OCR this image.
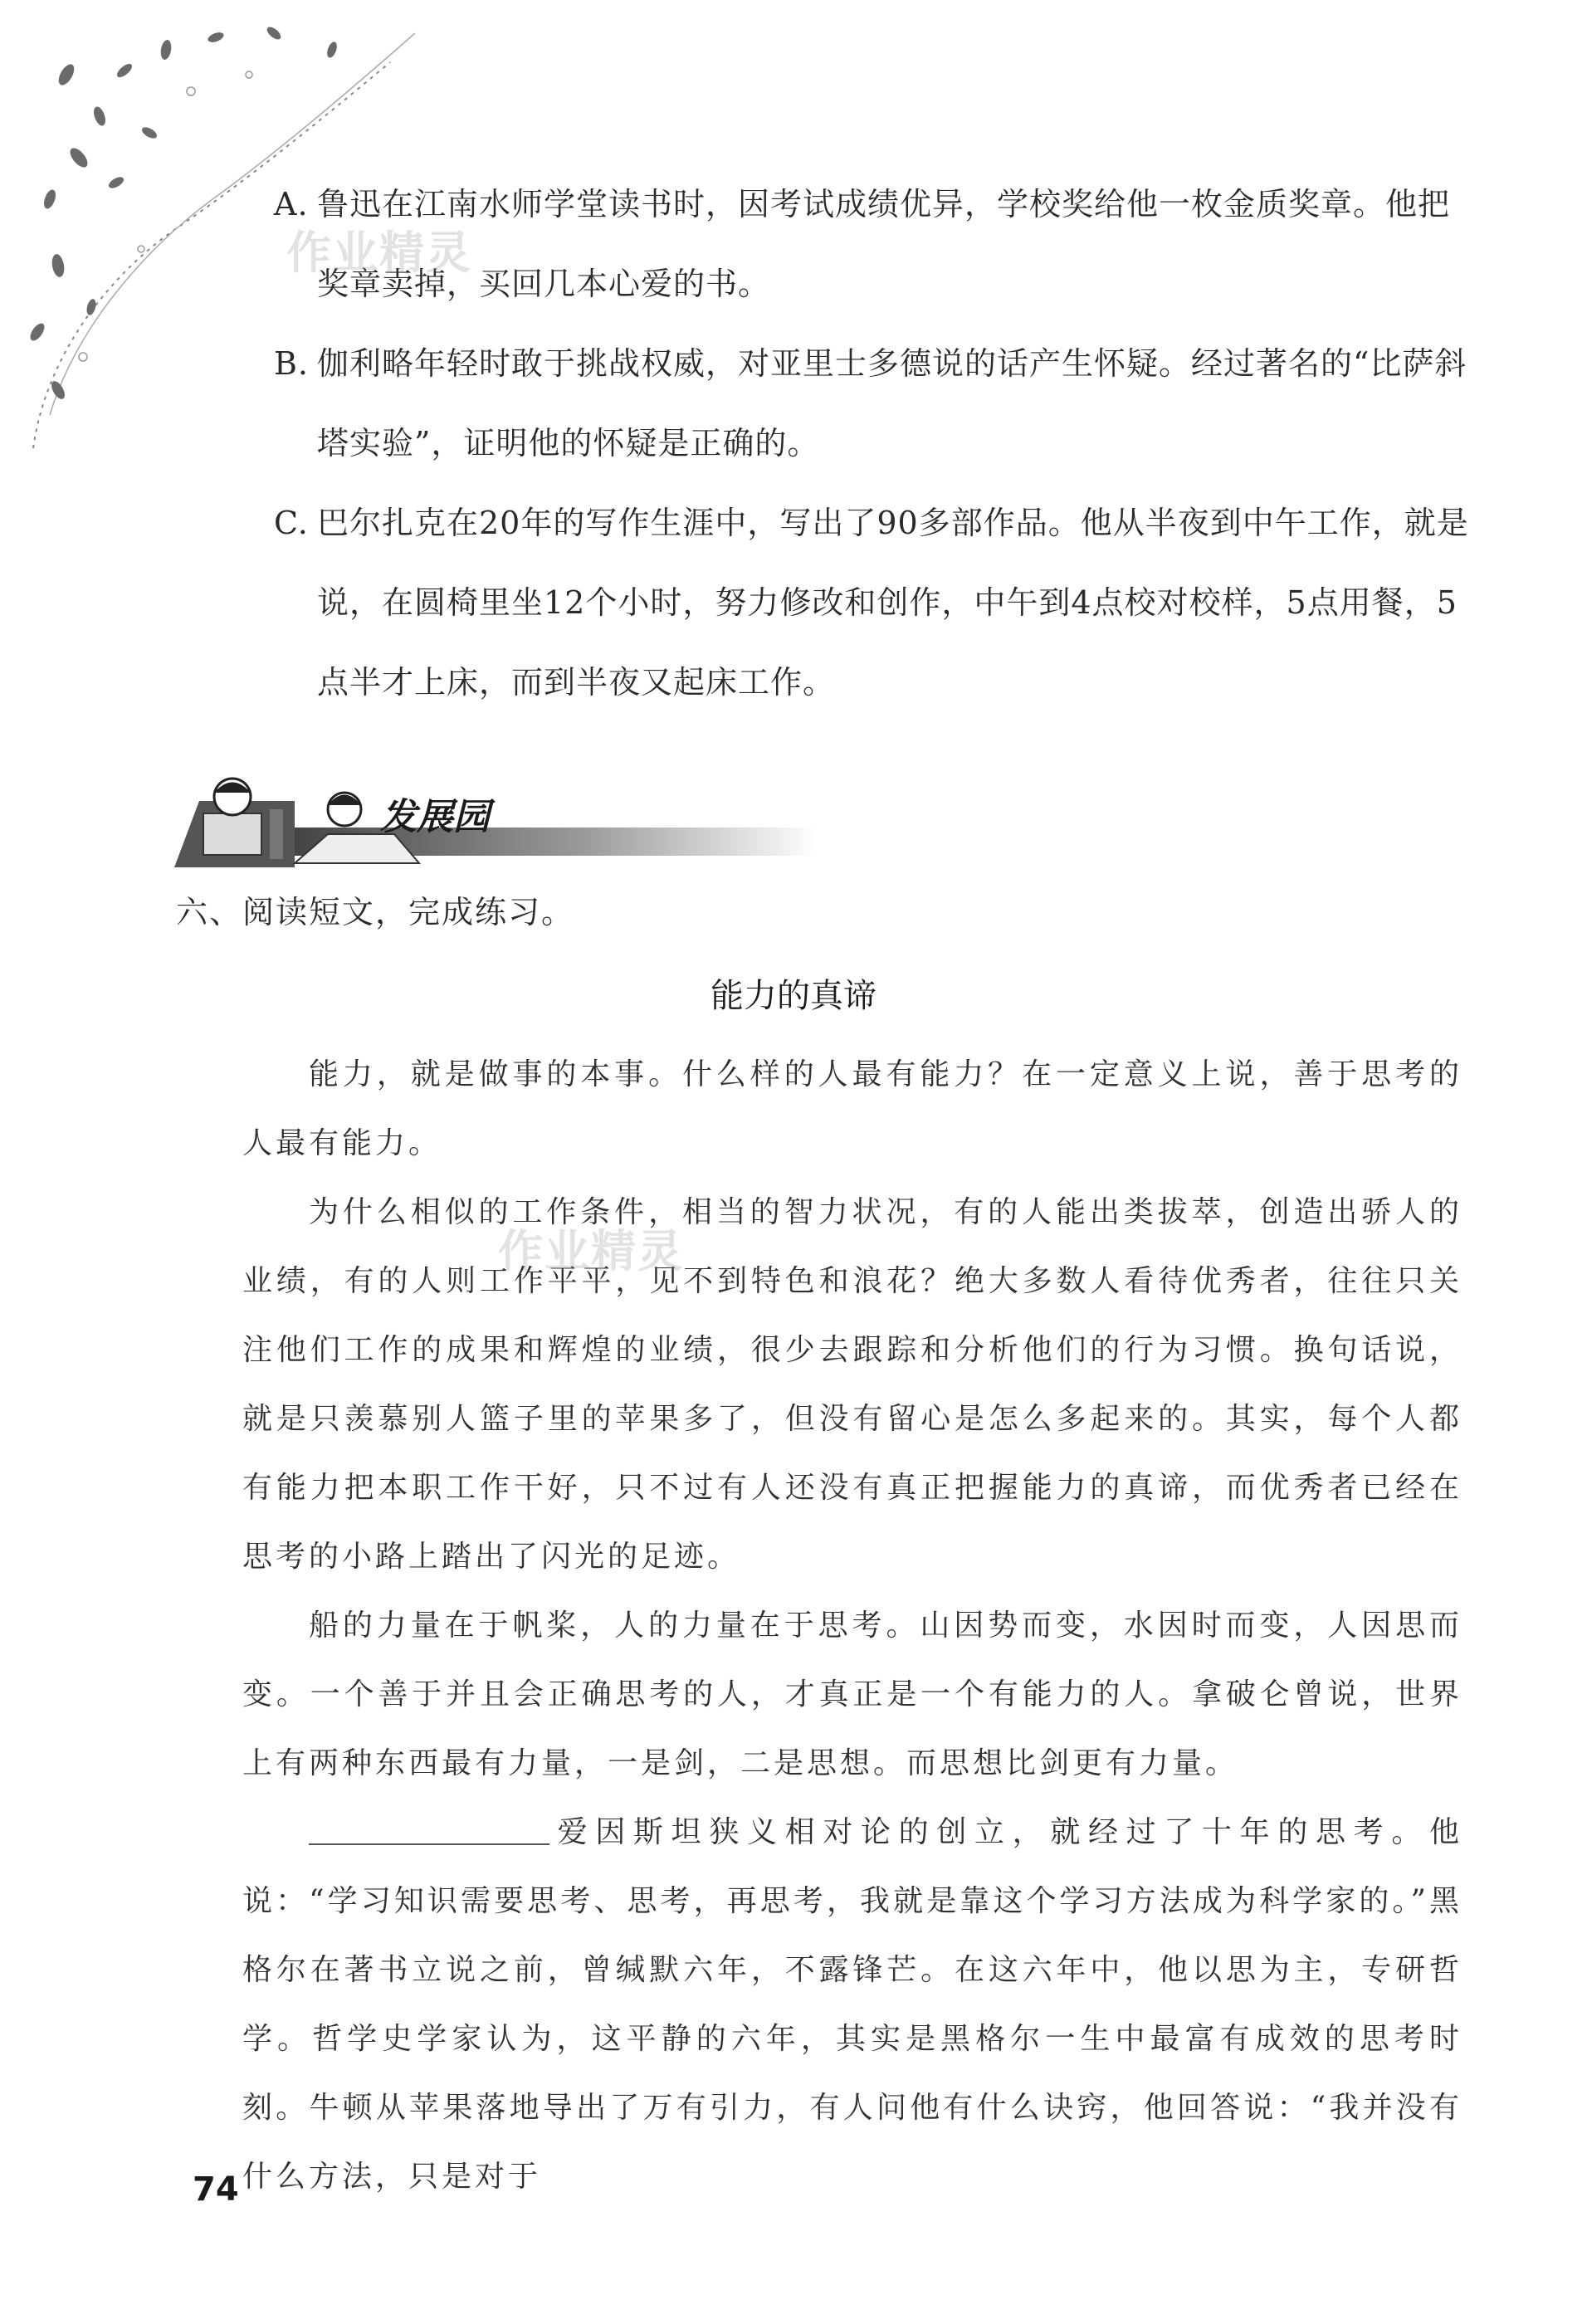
A. 鲁迅在江南水师学堂读书时，因考试成绩优异，学校奖给他一枚金质奖章。他把奖章卖掉，买回几本心爱的书。
B. 伽利略年轻时敢于挑战权威，对亚里士多德说的话产生怀疑。经过著名的“比萨斜塔实验”，证明他的怀疑是正确的。
C. 巴尔扎克在20年的写作生涯中，写出了90多部作品。他从半夜到中午工作，就是说，在圆椅里坐12个小时，努力修改和创作，中午到4点校对校样，5点用餐，5点半才上床，而到半夜又起床工作。
发展园
六、阅读短文，完成练习。
能力的真谛

能力，就是做事的本事。什么样的人最有能力？在一定意义上说，善于思考的人最有能力。

为什么相似的工作条件，相当的智力状况，有的人能出类拔萃，创造出骄人的业绩，有的人则工作平平，见不到特色和浪花？绝大多数人看待优秀者，往往只关注他们工作的成果和辉煌的业绩，很少去跟踪和分析他们的行为习惯。换句话说，就是只羡慕别人篮子里的苹果多了，但没有留心是怎么多起来的。其实，每个人都有能力把本职工作干好，只不过有人还没有真正把握能力的真谛，而优秀者已经在思考的小路上踏出了闪光的足迹。

船的力量在于帆桨，人的力量在于思考。山因势而变，水因时而变，人因思而变。一个善于并且会正确思考的人，才真正是一个有能力的人。拿破仑曾说，世界上有两种东西最有力量，一是剑，二是思想。而思想比剑更有力量。

爱因斯坦狭义相对论的创立，就经过了十年的思考。他说：“学习知识需要思考、思考，再思考，我就是靠这个学习方法成为科学家的。”黑格尔在著书立说之前，曾缄默六年，不露锋芒。在这六年中，他以思为主，专研哲学。哲学史学家认为，这平静的六年，其实是黑格尔一生中最富有成效的思考时刻。牛顿从苹果落地导出了万有引力，有人问他有什么诀窍，他回答说：“我并没有什么方法，只是对于

作业精灵
作业精灵
74
